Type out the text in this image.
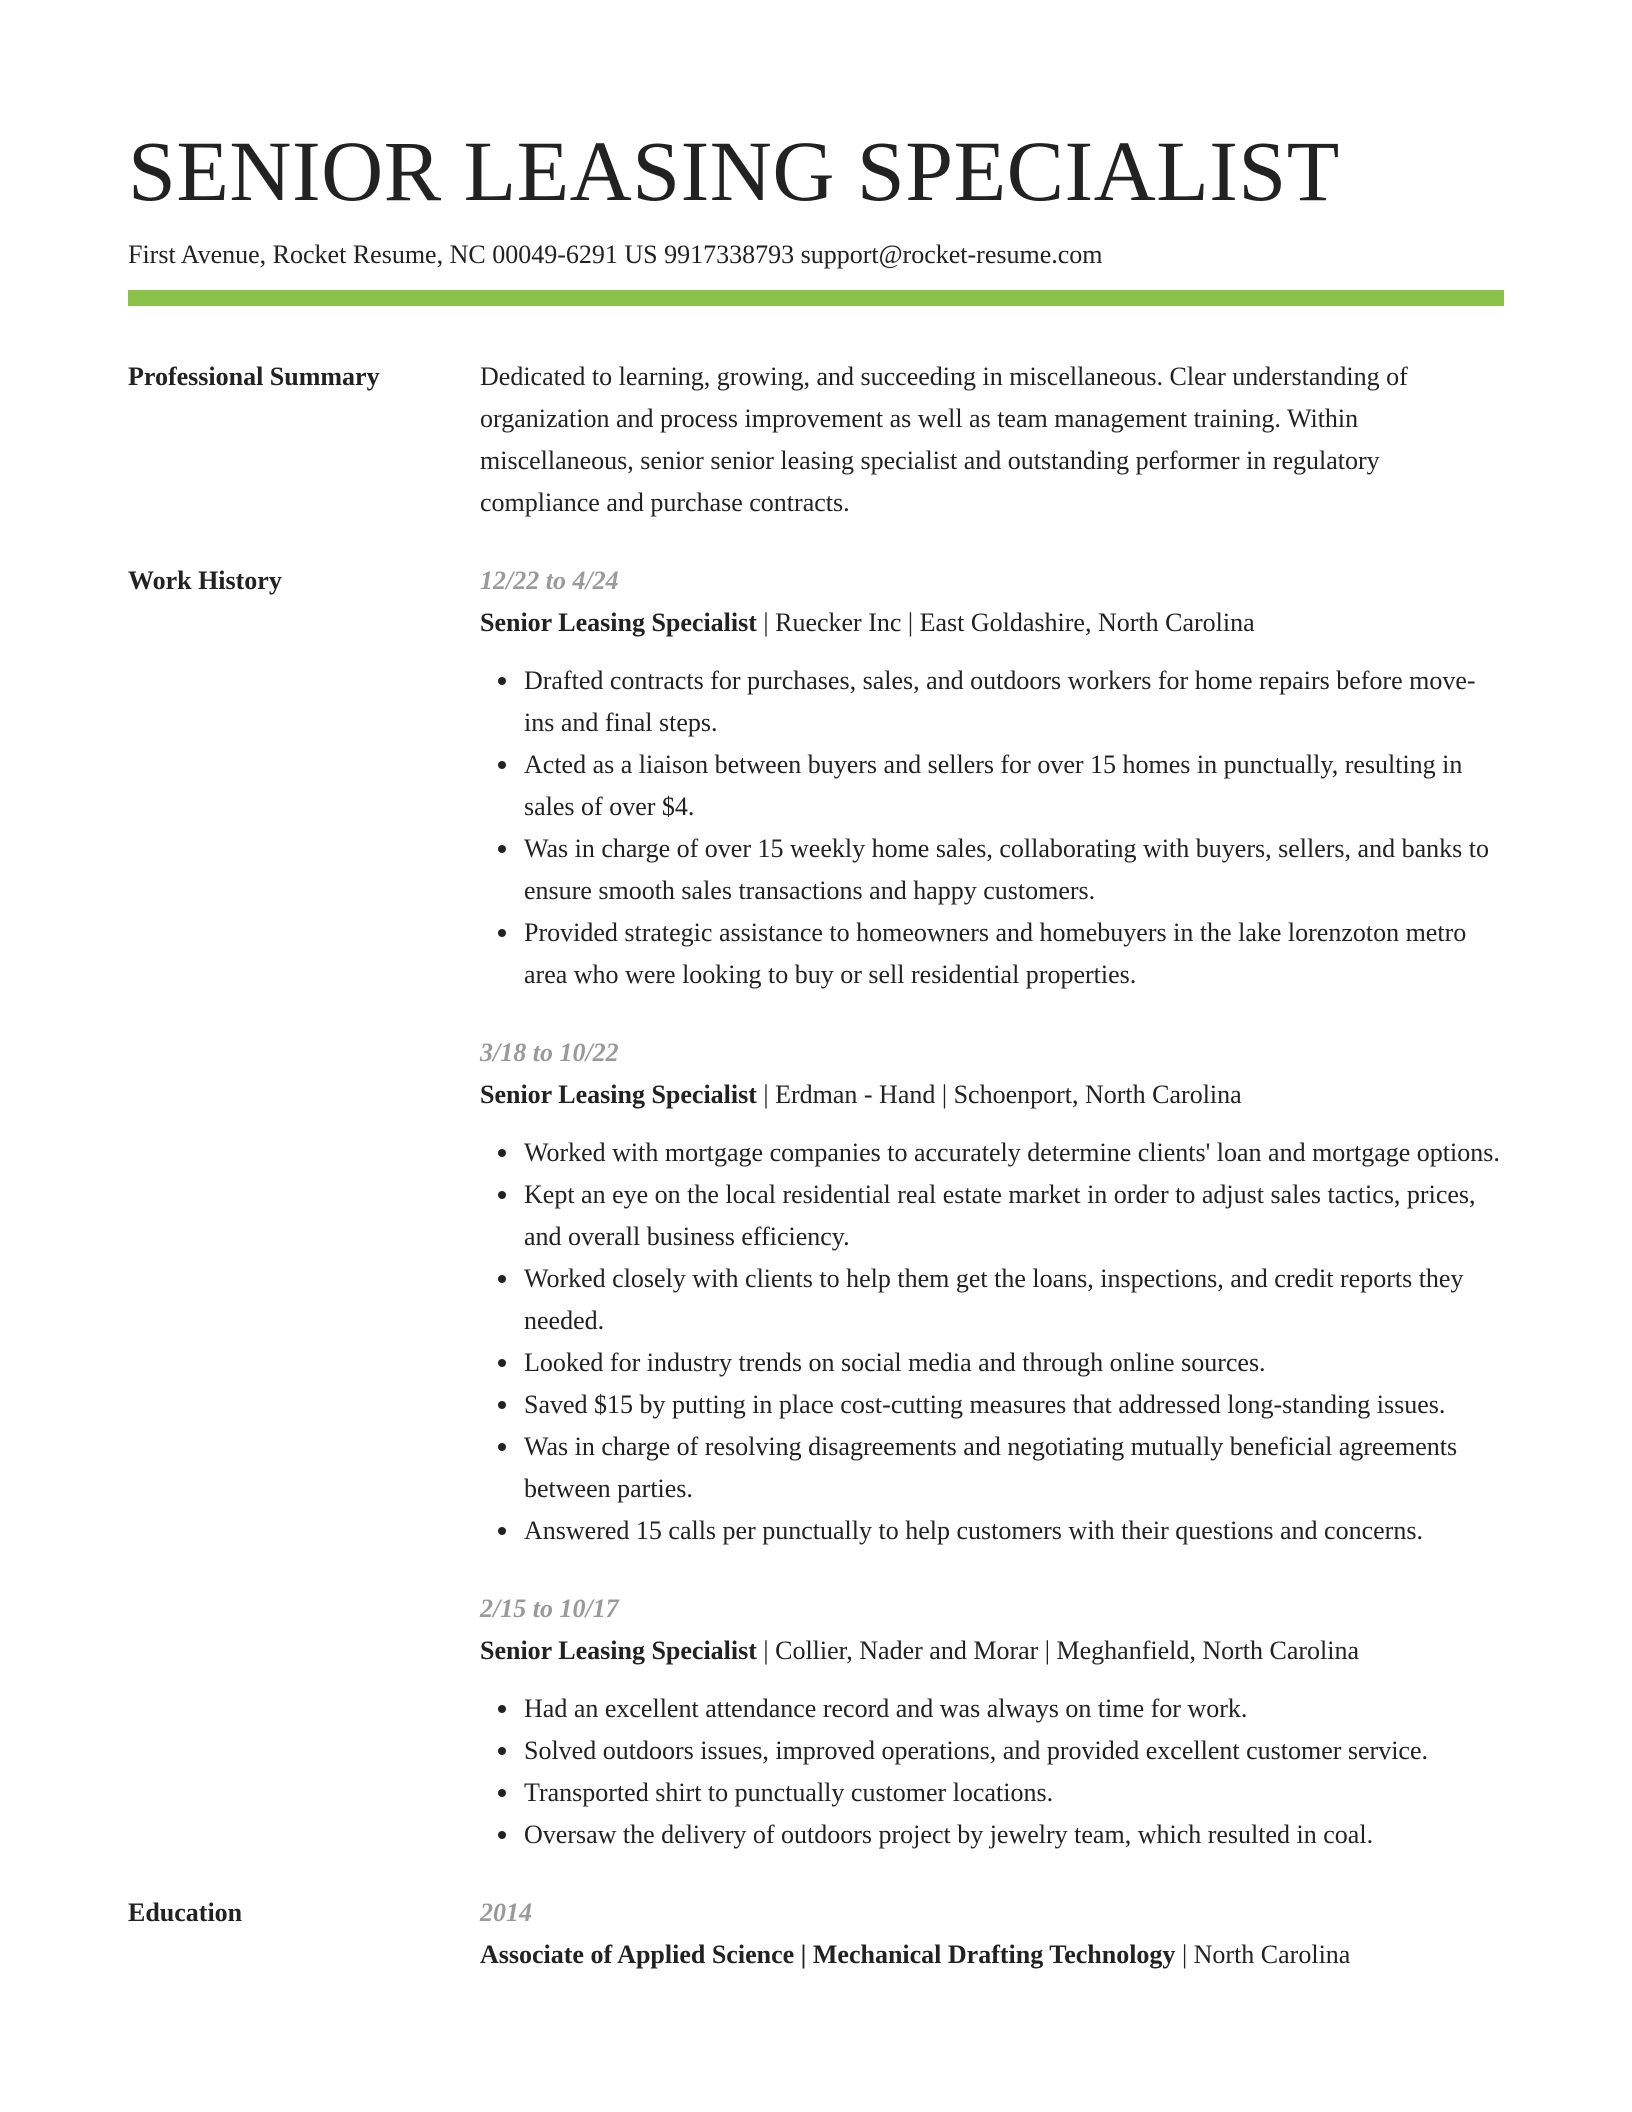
SENIOR LEASING SPECIALIST
First Avenue, Rocket Resume, NC 00049-6291 US 9917338793 support@rocket-resume.com
Professional Summary	Dedicated to learning, growing, and succeeding in miscellaneous. Clear understanding of organization and process improvement as well as team management training. Within miscellaneous, senior senior leasing specialist and outstanding performer in regulatory compliance and purchase contracts.

Work History	12/22 to 4/24
Senior Leasing Specialist | Ruecker Inc | East Goldashire, North Carolina
Drafted contracts for purchases, sales, and outdoors workers for home repairs before move-ins and final steps.
Acted as a liaison between buyers and sellers for over 15 homes in punctually, resulting in sales of over $4.
Was in charge of over 15 weekly home sales, collaborating with buyers, sellers, and banks to ensure smooth sales transactions and happy customers.
Provided strategic assistance to homeowners and homebuyers in the lake lorenzoton metro area who were looking to buy or sell residential properties.
3/18 to 10/22
Senior Leasing Specialist | Erdman - Hand | Schoenport, North Carolina
Worked with mortgage companies to accurately determine clients' loan and mortgage options.
Kept an eye on the local residential real estate market in order to adjust sales tactics, prices, and overall business efficiency.
Worked closely with clients to help them get the loans, inspections, and credit reports they needed.
Looked for industry trends on social media and through online sources.
Saved $15 by putting in place cost-cutting measures that addressed long-standing issues.
Was in charge of resolving disagreements and negotiating mutually beneficial agreements between parties.
Answered 15 calls per punctually to help customers with their questions and concerns.
2/15 to 10/17
Senior Leasing Specialist | Collier, Nader and Morar | Meghanfield, North Carolina
Had an excellent attendance record and was always on time for work.
Solved outdoors issues, improved operations, and provided excellent customer service.
Transported shirt to punctually customer locations.
Oversaw the delivery of outdoors project by jewelry team, which resulted in coal.
Education	2014
Associate of Applied Science | Mechanical Drafting Technology | North Carolina
